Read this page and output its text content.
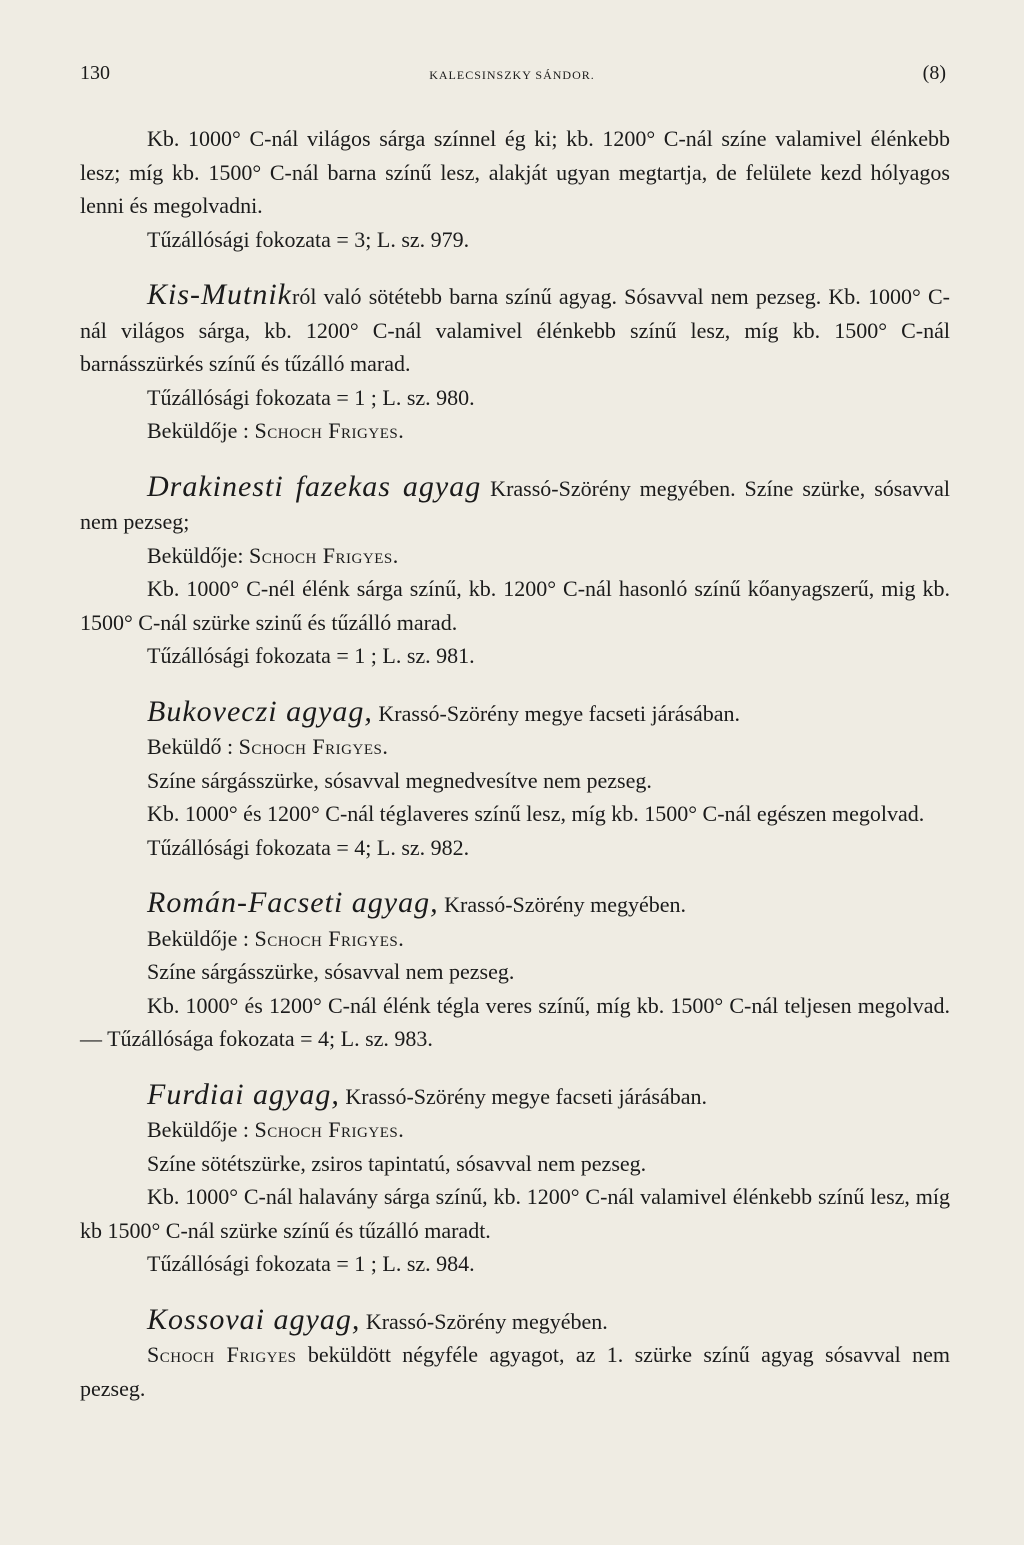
130	KALECSINSZKY SÁNDOR.	(8)

Kb. 1000° C-nál világos sárga színnel ég ki; kb. 1200° C-nál színe valamivel élénkebb lesz; míg kb. 1500° C-nál barna színű lesz, alakját ugyan megtartja, de felülete kezd hólyagos lenni és megolvadni.

Tűzállósági fokozata = 3; L. sz. 979.

Kis-Mutnikról való sötétebb barna színű agyag. Sósavval nem pezseg. Kb. 1000° C-nál világos sárga, kb. 1200° C-nál valamivel élénkebb színű lesz, míg kb. 1500° C-nál barnásszürkés színű és tűzálló marad.

Tűzállósági fokozata = 1 ; L. sz. 980.

Beküldője : Schoch Frigyes.

Drakinesti fazekas agyag Krassó-Szörény megyében. Színe szürke, sósavval nem pezseg;

Beküldője: Schoch Frigyes.

Kb. 1000° C-nél élénk sárga színű, kb. 1200° C-nál hasonló színű kőanyagszerű, mig kb. 1500° C-nál szürke szinű és tűzálló marad.

Tűzállósági fokozata = 1 ; L. sz. 981.

Bukoveczi agyag, Krassó-Szörény megye facseti járásában.

Beküldő : Schoch Frigyes.

Színe sárgásszürke, sósavval megnedvesítve nem pezseg.

Kb. 1000° és 1200° C-nál téglaveres színű lesz, míg kb. 1500° C-nál egészen megolvad.

Tűzállósági fokozata = 4; L. sz. 982.

Román-Facseti agyag, Krassó-Szörény megyében.

Beküldője : Schoch Frigyes.

Színe sárgásszürke, sósavval nem pezseg.

Kb. 1000° és 1200° C-nál élénk tégla veres színű, míg kb. 1500° C-nál teljesen megolvad. — Tűzállósága fokozata = 4; L. sz. 983.

Furdiai agyag, Krassó-Szörény megye facseti járásában.

Beküldője : Schoch Frigyes.

Színe sötétszürke, zsiros tapintatú, sósavval nem pezseg.

Kb. 1000° C-nál halavány sárga színű, kb. 1200° C-nál valamivel élénkebb színű lesz, míg kb 1500° C-nál szürke színű és tűzálló maradt.

Tűzállósági fokozata = 1 ; L. sz. 984.

Kossovai agyag, Krassó-Szörény megyében.

Schoch Frigyes beküldött négyféle agyagot, az 1. szürke színű agyag sósavval nem pezseg.
